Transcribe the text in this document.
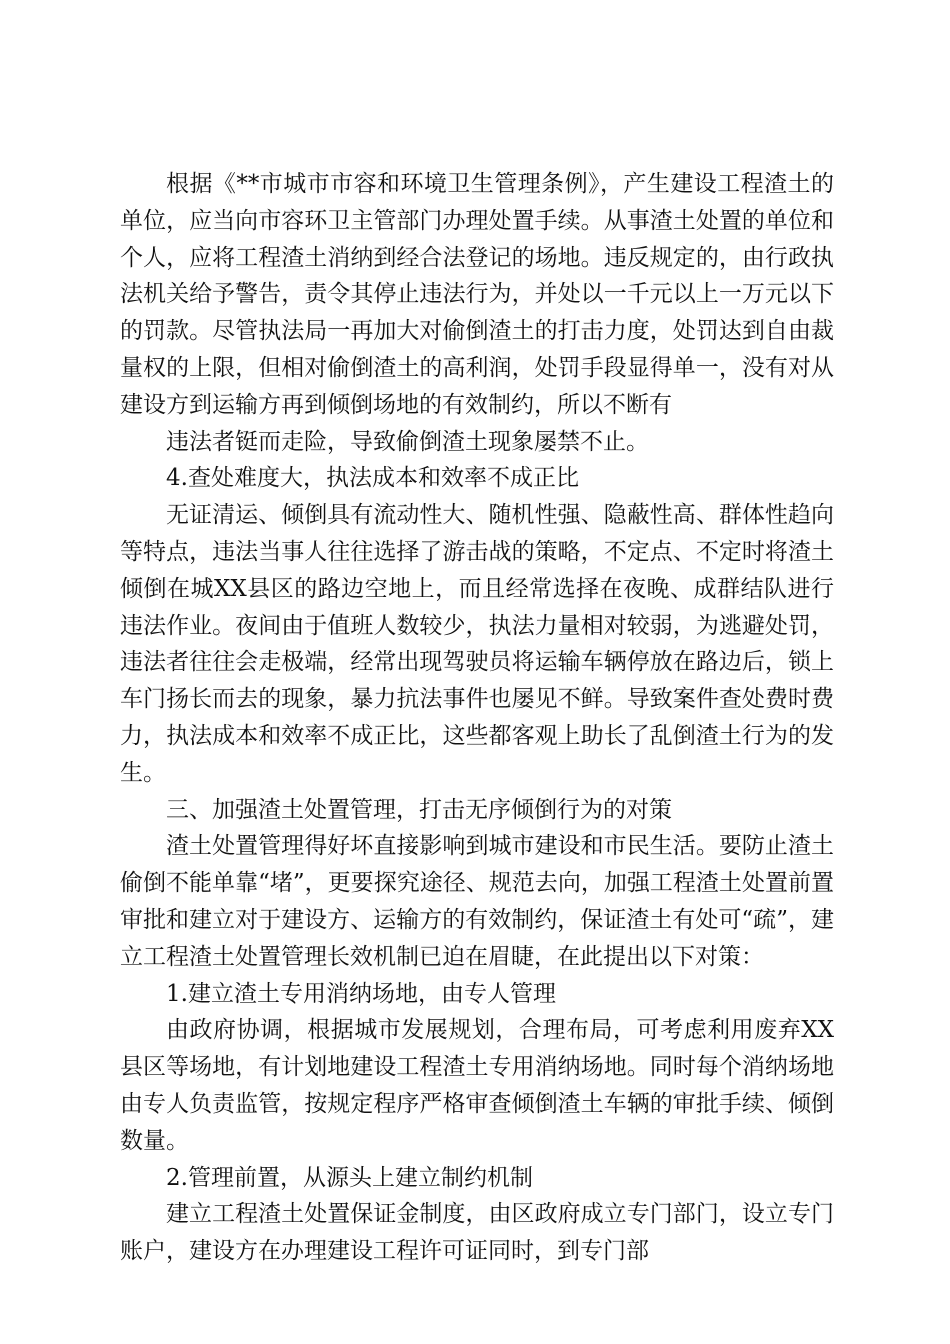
根据《**市城市市容和环境卫生管理条例》，产生建设工程渣土的单位，应当向市容环卫主管部门办理处置手续。从事渣土处置的单位和个人，应将工程渣土消纳到经合法登记的场地。违反规定的，由行政执法机关给予警告，责令其停止违法行为，并处以一千元以上一万元以下的罚款。尽管执法局一再加大对偷倒渣土的打击力度，处罚达到自由裁量权的上限，但相对偷倒渣土的高利润，处罚手段显得单一，没有对从建设方到运输方再到倾倒场地的有效制约，所以不断有

违法者铤而走险，导致偷倒渣土现象屡禁不止。

4.查处难度大，执法成本和效率不成正比

无证清运、倾倒具有流动性大、随机性强、隐蔽性高、群体性趋向等特点，违法当事人往往选择了游击战的策略，不定点、不定时将渣土倾倒在城XX县区的路边空地上，而且经常选择在夜晚、成群结队进行违法作业。夜间由于值班人数较少，执法力量相对较弱，为逃避处罚，违法者往往会走极端，经常出现驾驶员将运输车辆停放在路边后，锁上车门扬长而去的现象，暴力抗法事件也屡见不鲜。导致案件查处费时费力，执法成本和效率不成正比，这些都客观上助长了乱倒渣土行为的发生。

三、加强渣土处置管理，打击无序倾倒行为的对策

渣土处置管理得好坏直接影响到城市建设和市民生活。要防止渣土偷倒不能单靠“堵”，更要探究途径、规范去向，加强工程渣土处置前置审批和建立对于建设方、运输方的有效制约，保证渣土有处可“疏”，建立工程渣土处置管理长效机制已迫在眉睫，在此提出以下对策：

1.建立渣土专用消纳场地，由专人管理

由政府协调，根据城市发展规划，合理布局，可考虑利用废弃XX县区等场地，有计划地建设工程渣土专用消纳场地。同时每个消纳场地由专人负责监管，按规定程序严格审查倾倒渣土车辆的审批手续、倾倒数量。

2.管理前置，从源头上建立制约机制

建立工程渣土处置保证金制度，由区政府成立专门部门，设立专门账户，建设方在办理建设工程许可证同时，到专门部
